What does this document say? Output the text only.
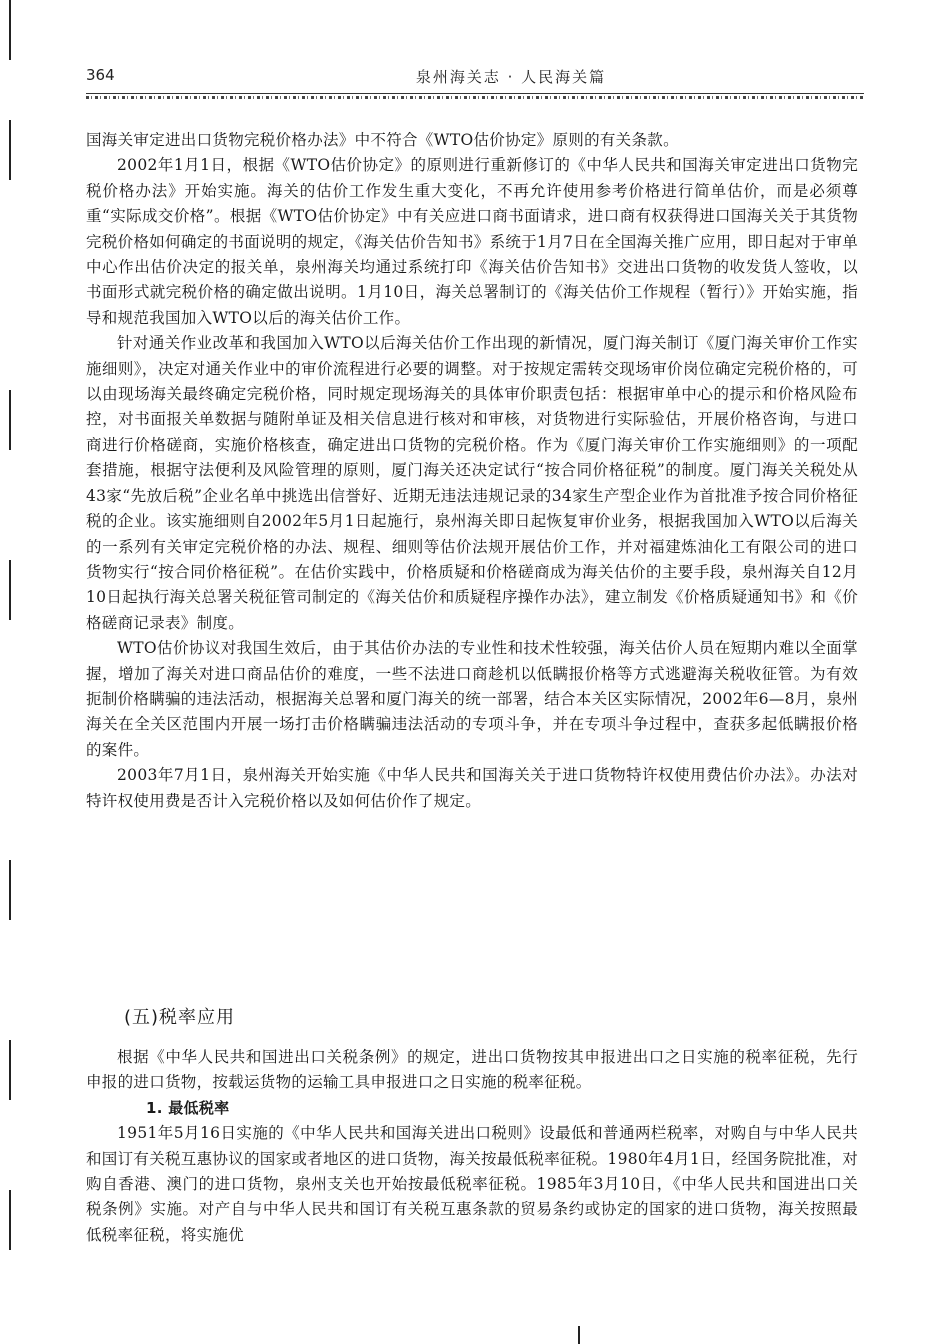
364	泉州海关志 · 人民海关篇

国海关审定进出口货物完税价格办法》中不符合《WTO估价协定》原则的有关条款。

2002年1月1日，根据《WTO估价协定》的原则进行重新修订的《中华人民共和国海关审定进出口货物完税价格办法》开始实施。海关的估价工作发生重大变化，不再允许使用参考价格进行简单估价，而是必须尊重“实际成交价格”。根据《WTO估价协定》中有关应进口商书面请求，进口商有权获得进口国海关关于其货物完税价格如何确定的书面说明的规定，《海关估价告知书》系统于1月7日在全国海关推广应用，即日起对于审单中心作出估价决定的报关单，泉州海关均通过系统打印《海关估价告知书》交进出口货物的收发货人签收，以书面形式就完税价格的确定做出说明。1月10日，海关总署制订的《海关估价工作规程（暂行）》开始实施，指导和规范我国加入WTO以后的海关估价工作。

针对通关作业改革和我国加入WTO以后海关估价工作出现的新情况，厦门海关制订《厦门海关审价工作实施细则》，决定对通关作业中的审价流程进行必要的调整。对于按规定需转交现场审价岗位确定完税价格的，可以由现场海关最终确定完税价格，同时规定现场海关的具体审价职责包括：根据审单中心的提示和价格风险布控，对书面报关单数据与随附单证及相关信息进行核对和审核，对货物进行实际验估，开展价格咨询，与进口商进行价格磋商，实施价格核查，确定进出口货物的完税价格。作为《厦门海关审价工作实施细则》的一项配套措施，根据守法便利及风险管理的原则，厦门海关还决定试行“按合同价格征税”的制度。厦门海关关税处从43家“先放后税”企业名单中挑选出信誉好、近期无违法违规记录的34家生产型企业作为首批准予按合同价格征税的企业。该实施细则自2002年5月1日起施行，泉州海关即日起恢复审价业务，根据我国加入WTO以后海关的一系列有关审定完税价格的办法、规程、细则等估价法规开展估价工作，并对福建炼油化工有限公司的进口货物实行“按合同价格征税”。在估价实践中，价格质疑和价格磋商成为海关估价的主要手段，泉州海关自12月10日起执行海关总署关税征管司制定的《海关估价和质疑程序操作办法》，建立制发《价格质疑通知书》和《价格磋商记录表》制度。

WTO估价协议对我国生效后，由于其估价办法的专业性和技术性较强，海关估价人员在短期内难以全面掌握，增加了海关对进口商品估价的难度，一些不法进口商趁机以低瞒报价格等方式逃避海关税收征管。为有效扼制价格瞒骗的违法活动，根据海关总署和厦门海关的统一部署，结合本关区实际情况，2002年6—8月，泉州海关在全关区范围内开展一场打击价格瞒骗违法活动的专项斗争，并在专项斗争过程中，查获多起低瞒报价格的案件。

2003年7月1日，泉州海关开始实施《中华人民共和国海关关于进口货物特许权使用费估价办法》。办法对特许权使用费是否计入完税价格以及如何估价作了规定。

(五)税率应用

根据《中华人民共和国进出口关税条例》的规定，进出口货物按其申报进出口之日实施的税率征税，先行申报的进口货物，按载运货物的运输工具申报进口之日实施的税率征税。

1. 最低税率

1951年5月16日实施的《中华人民共和国海关进出口税则》设最低和普通两栏税率，对购自与中华人民共和国订有关税互惠协议的国家或者地区的进口货物，海关按最低税率征税。1980年4月1日，经国务院批准，对购自香港、澳门的进口货物，泉州支关也开始按最低税率征税。1985年3月10日，《中华人民共和国进出口关税条例》实施。对产自与中华人民共和国订有关税互惠条款的贸易条约或协定的国家的进口货物，海关按照最低税率征税，将实施优
